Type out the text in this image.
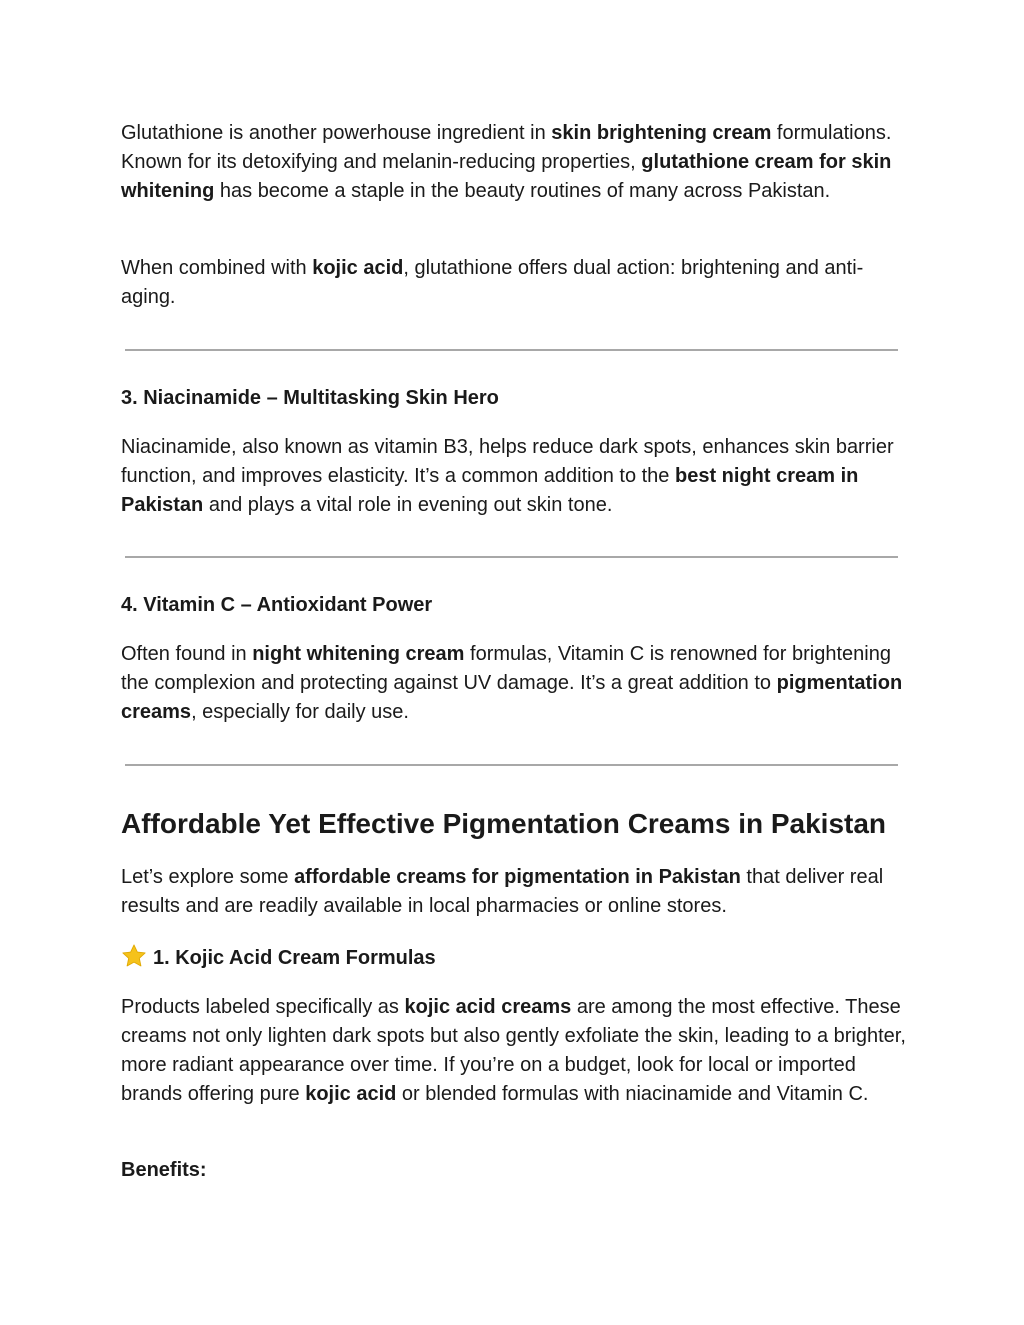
Glutathione is another powerhouse ingredient in skin brightening cream formulations. Known for its detoxifying and melanin-reducing properties, glutathione cream for skin whitening has become a staple in the beauty routines of many across Pakistan.

When combined with kojic acid, glutathione offers dual action: brightening and anti-aging.

3. Niacinamide – Multitasking Skin Hero

Niacinamide, also known as vitamin B3, helps reduce dark spots, enhances skin barrier function, and improves elasticity. It’s a common addition to the best night cream in Pakistan and plays a vital role in evening out skin tone.

4. Vitamin C – Antioxidant Power

Often found in night whitening cream formulas, Vitamin C is renowned for brightening the complexion and protecting against UV damage. It’s a great addition to pigmentation creams, especially for daily use.

Affordable Yet Effective Pigmentation Creams in Pakistan

Let’s explore some affordable creams for pigmentation in Pakistan that deliver real results and are readily available in local pharmacies or online stores.

1. Kojic Acid Cream Formulas

Products labeled specifically as kojic acid creams are among the most effective. These creams not only lighten dark spots but also gently exfoliate the skin, leading to a brighter, more radiant appearance over time. If you’re on a budget, look for local or imported brands offering pure kojic acid or blended formulas with niacinamide and Vitamin C.

Benefits:
